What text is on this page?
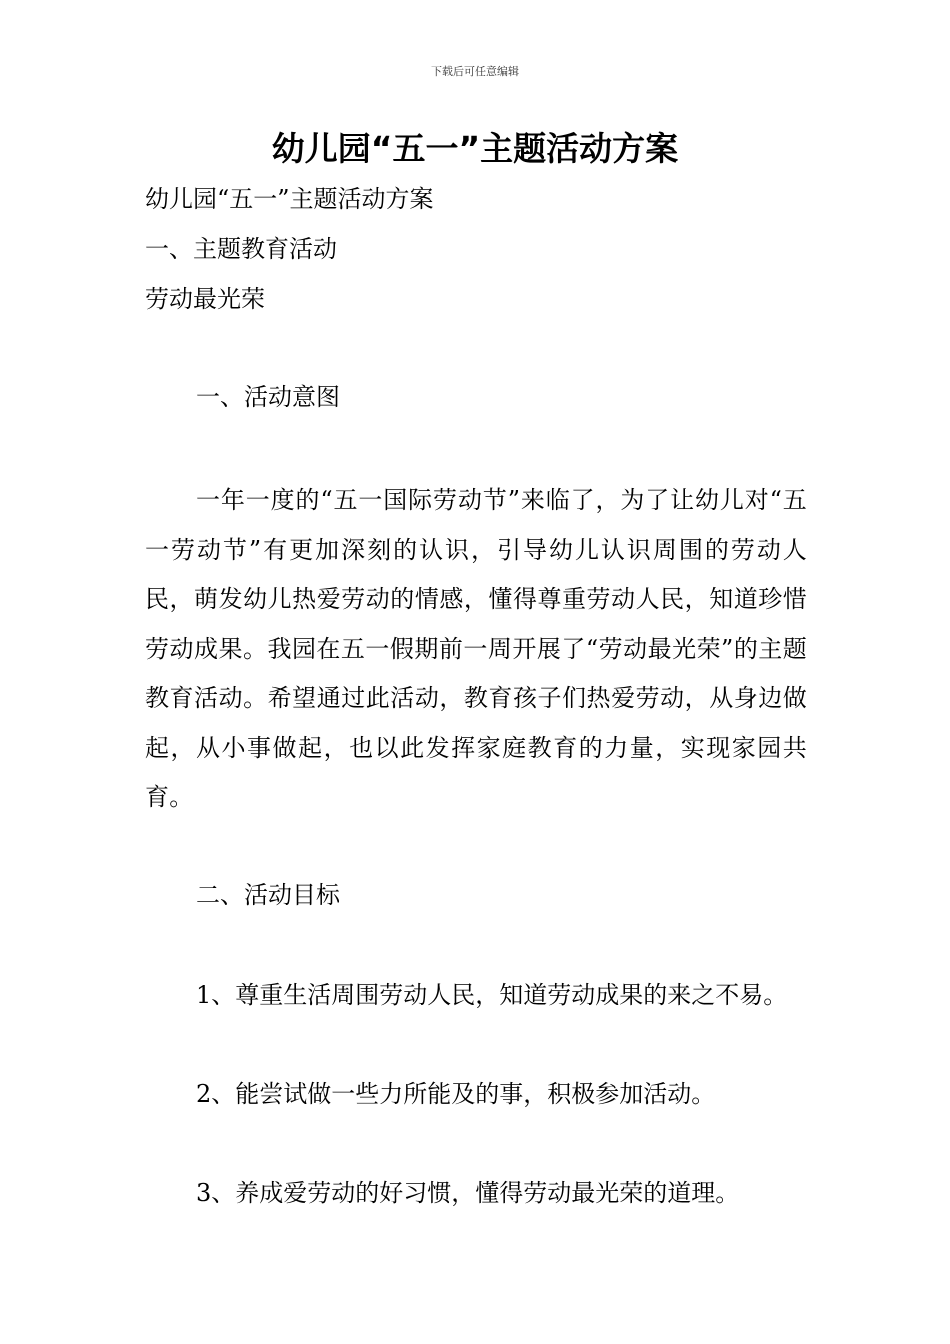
下载后可任意编辑
幼儿园“五一”主题活动方案
幼儿园“五一”主题活动方案
一、主题教育活动
劳动最光荣
一、活动意图
一年一度的“五一国际劳动节”来临了，为了让幼儿对“五一劳动节”有更加深刻的认识，引导幼儿认识周围的劳动人民，萌发幼儿热爱劳动的情感，懂得尊重劳动人民，知道珍惜劳动成果。我园在五一假期前一周开展了“劳动最光荣”的主题教育活动。希望通过此活动，教育孩子们热爱劳动，从身边做起，从小事做起，也以此发挥家庭教育的力量，实现家园共育。
二、活动目标
1、尊重生活周围劳动人民，知道劳动成果的来之不易。
2、能尝试做一些力所能及的事，积极参加活动。
3、养成爱劳动的好习惯，懂得劳动最光荣的道理。
